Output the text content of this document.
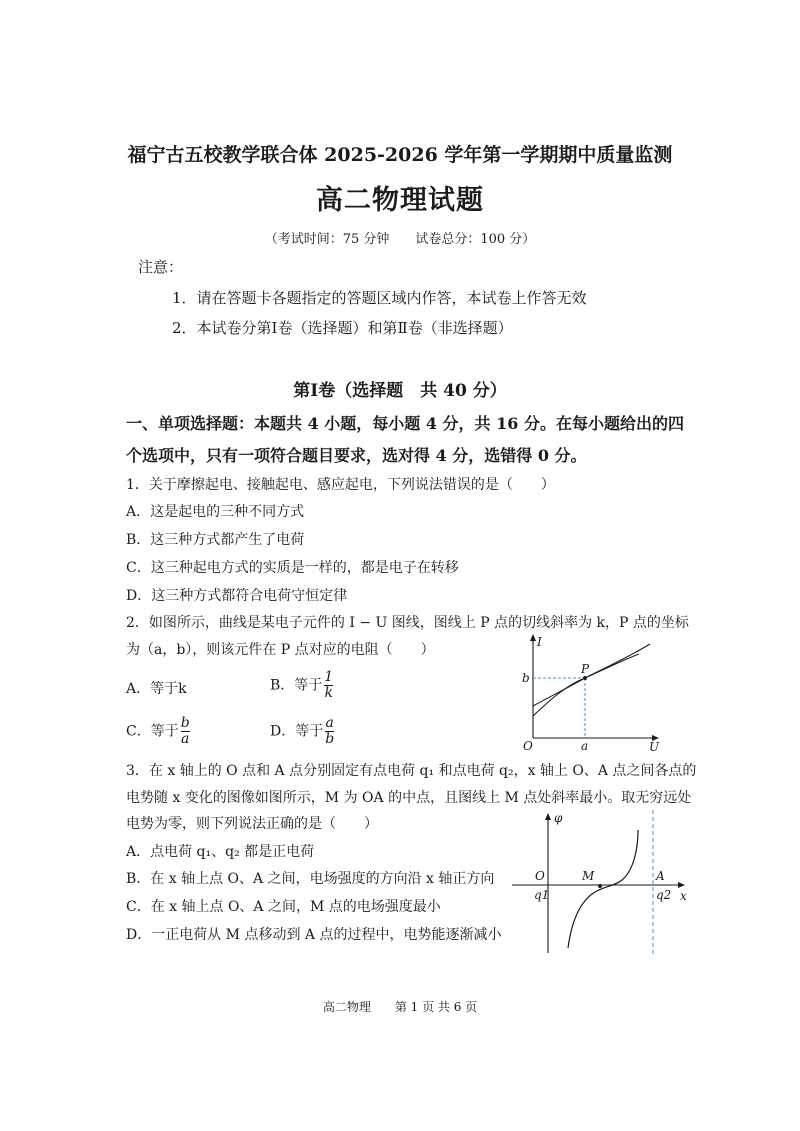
福宁古五校教学联合体 2025-2026 学年第一学期期中质量监测
高二物理试题
（考试时间：75 分钟　　试卷总分：100 分）
注意：
1．请在答题卡各题指定的答题区域内作答，本试卷上作答无效
2．本试卷分第Ⅰ卷（选择题）和第Ⅱ卷（非选择题）
第Ⅰ卷（选择题　共 40 分）
一、单项选择题：本题共 4 小题，每小题 4 分，共 16 分。在每小题给出的四
个选项中，只有一项符合题目要求，选对得 4 分，选错得 0 分。
1．关于摩擦起电、接触起电、感应起电，下列说法错误的是（　　）
A．这是起电的三种不同方式
B．这三种方式都产生了电荷
C．这三种起电方式的实质是一样的，都是电子在转移
D．这三种方式都符合电荷守恒定律
2．如图所示，曲线是某电子元件的 I − U 图线，图线上 P 点的切线斜率为 k，P 点的坐标
为（a，b），则该元件在 P 点对应的电阻（　　）
A．等于k	B．等于 $\frac{1}{k}$
C．等于 $\frac{b}{a}$	D．等于 $\frac{a}{b}$
I
U
O
P
a
b
3．在 x 轴上的 O 点和 A 点分别固定有点电荷 q₁ 和点电荷 q₂，x 轴上 O、A 点之间各点的
电势随 x 变化的图像如图所示，M 为 OA 的中点，且图线上 M 点处斜率最小。取无穷远处
电势为零，则下列说法正确的是（　　）
A．点电荷 q₁、q₂ 都是正电荷
B．在 x 轴上点 O、A 之间，电场强度的方向沿 x 轴正方向
C．在 x 轴上点 O、A 之间，M 点的电场强度最小
D．一正电荷从 M 点移动到 A 点的过程中，电势能逐渐减小
φ
x
O	M	A
q1	q2
高二物理　　第 1 页 共 6 页
